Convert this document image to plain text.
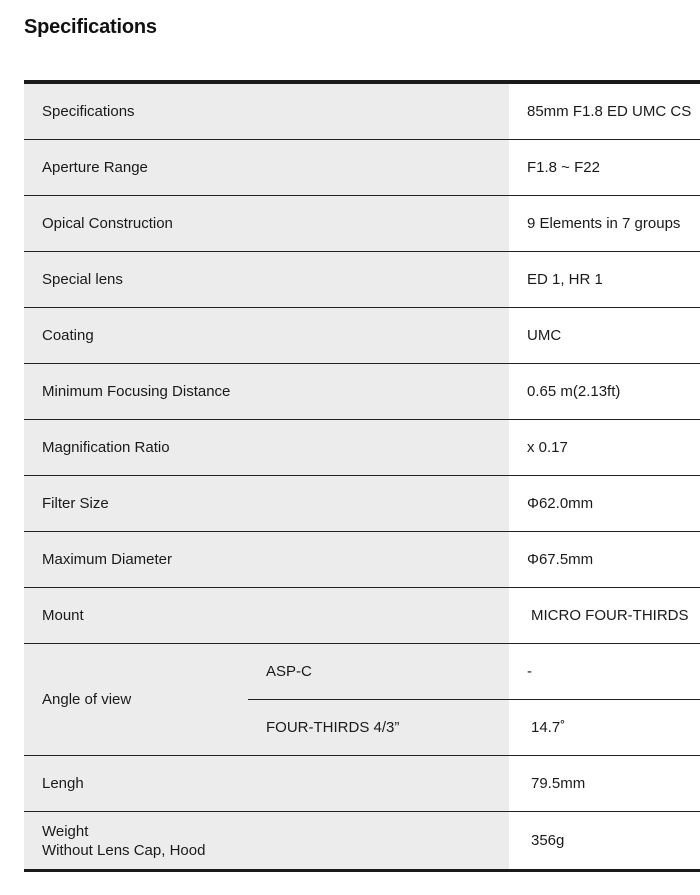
Specifications
Specifications		85mm F1.8 ED UMC CS
Aperture Range		F1.8 ~ F22
Opical Construction		9 Elements in 7 groups
Special lens		ED 1, HR 1
Coating		UMC
Minimum Focusing Distance		0.65 m(2.13ft)
Magnification Ratio		x 0.17
Filter Size		Φ62.0mm
Maximum Diameter		Φ67.5mm
Mount		MICRO FOUR-THIRDS
Angle of view	ASP-C	-
	FOUR-THIRDS 4/3”	14.7˚
Lengh		79.5mm

Weight
Without Lens Cap, Hood		356g
